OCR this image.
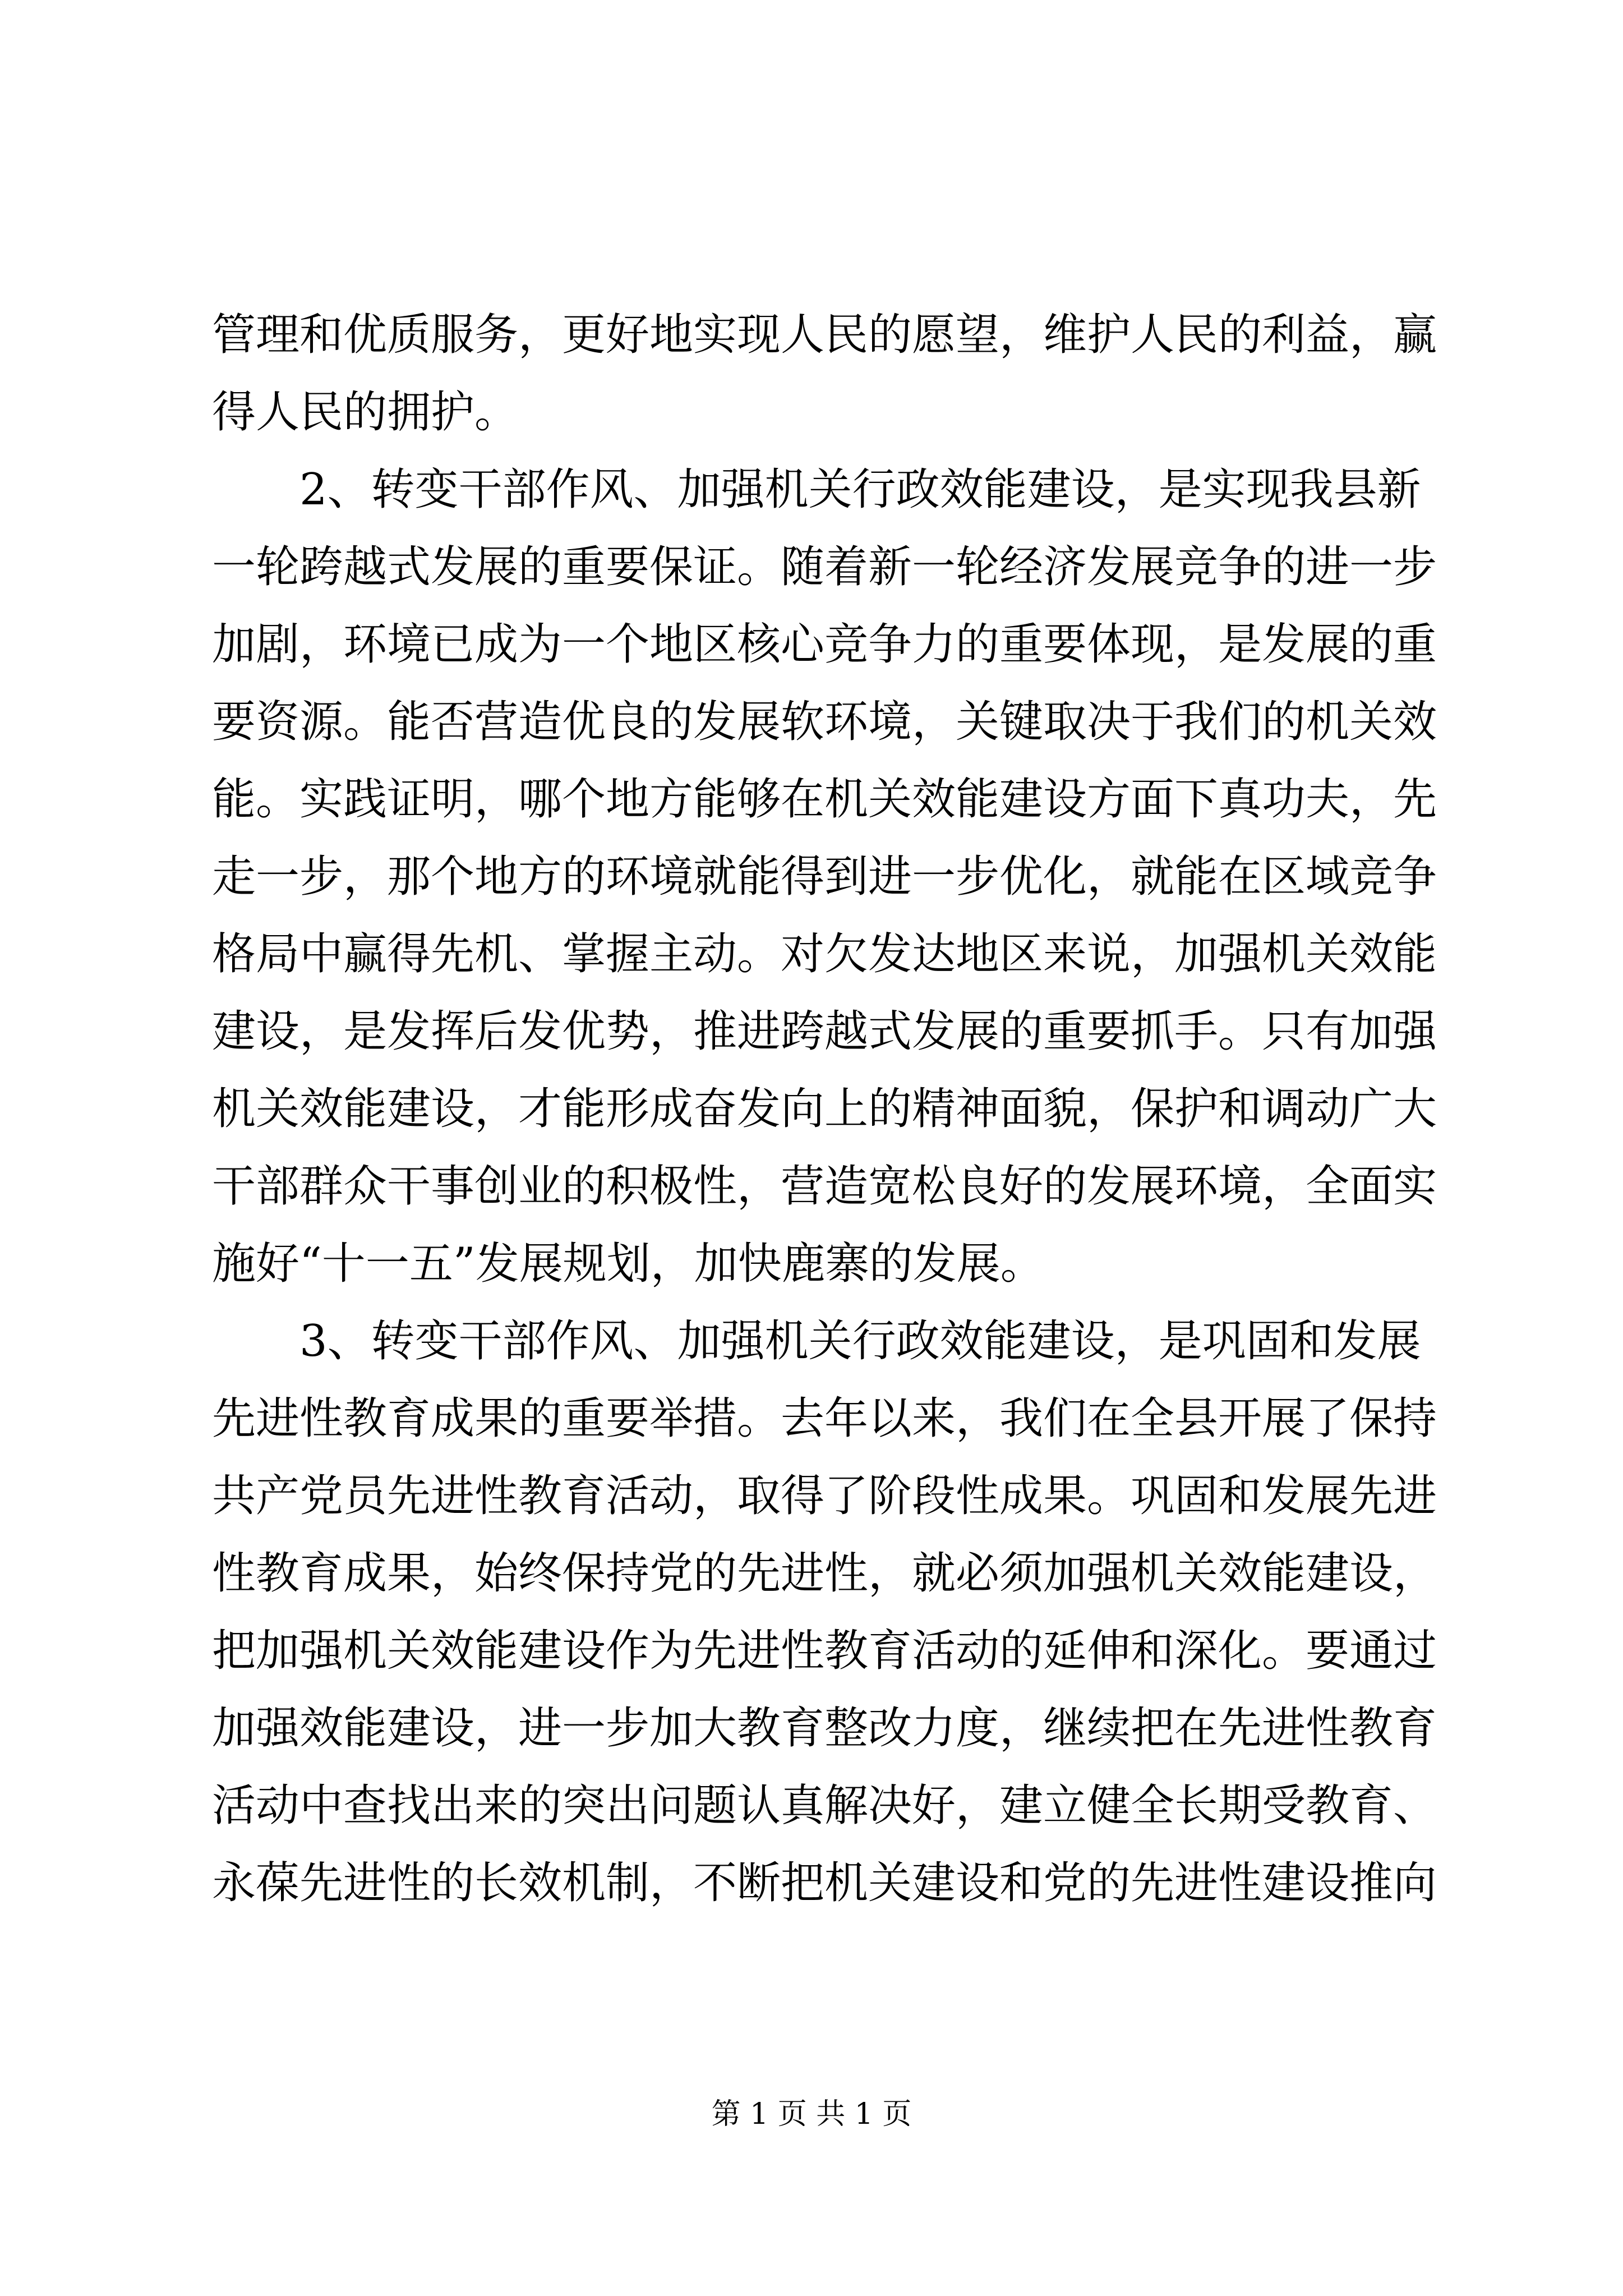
管理和优质服务，更好地实现人民的愿望，维护人民的利益，赢
得人民的拥护。
　　2、转变干部作风、加强机关行政效能建设，是实现我县新
一轮跨越式发展的重要保证。随着新一轮经济发展竞争的进一步
加剧，环境已成为一个地区核心竞争力的重要体现，是发展的重
要资源。能否营造优良的发展软环境，关键取决于我们的机关效
能。实践证明，哪个地方能够在机关效能建设方面下真功夫，先
走一步，那个地方的环境就能得到进一步优化，就能在区域竞争
格局中赢得先机、掌握主动。对欠发达地区来说，加强机关效能
建设，是发挥后发优势，推进跨越式发展的重要抓手。只有加强
机关效能建设，才能形成奋发向上的精神面貌，保护和调动广大
干部群众干事创业的积极性，营造宽松良好的发展环境，全面实
施好“十一五”发展规划，加快鹿寨的发展。
　　3、转变干部作风、加强机关行政效能建设，是巩固和发展
先进性教育成果的重要举措。去年以来，我们在全县开展了保持
共产党员先进性教育活动，取得了阶段性成果。巩固和发展先进
性教育成果，始终保持党的先进性，就必须加强机关效能建设，
把加强机关效能建设作为先进性教育活动的延伸和深化。要通过
加强效能建设，进一步加大教育整改力度，继续把在先进性教育
活动中查找出来的突出问题认真解决好，建立健全长期受教育、
永葆先进性的长效机制，不断把机关建设和党的先进性建设推向
第 1 页 共 1 页
